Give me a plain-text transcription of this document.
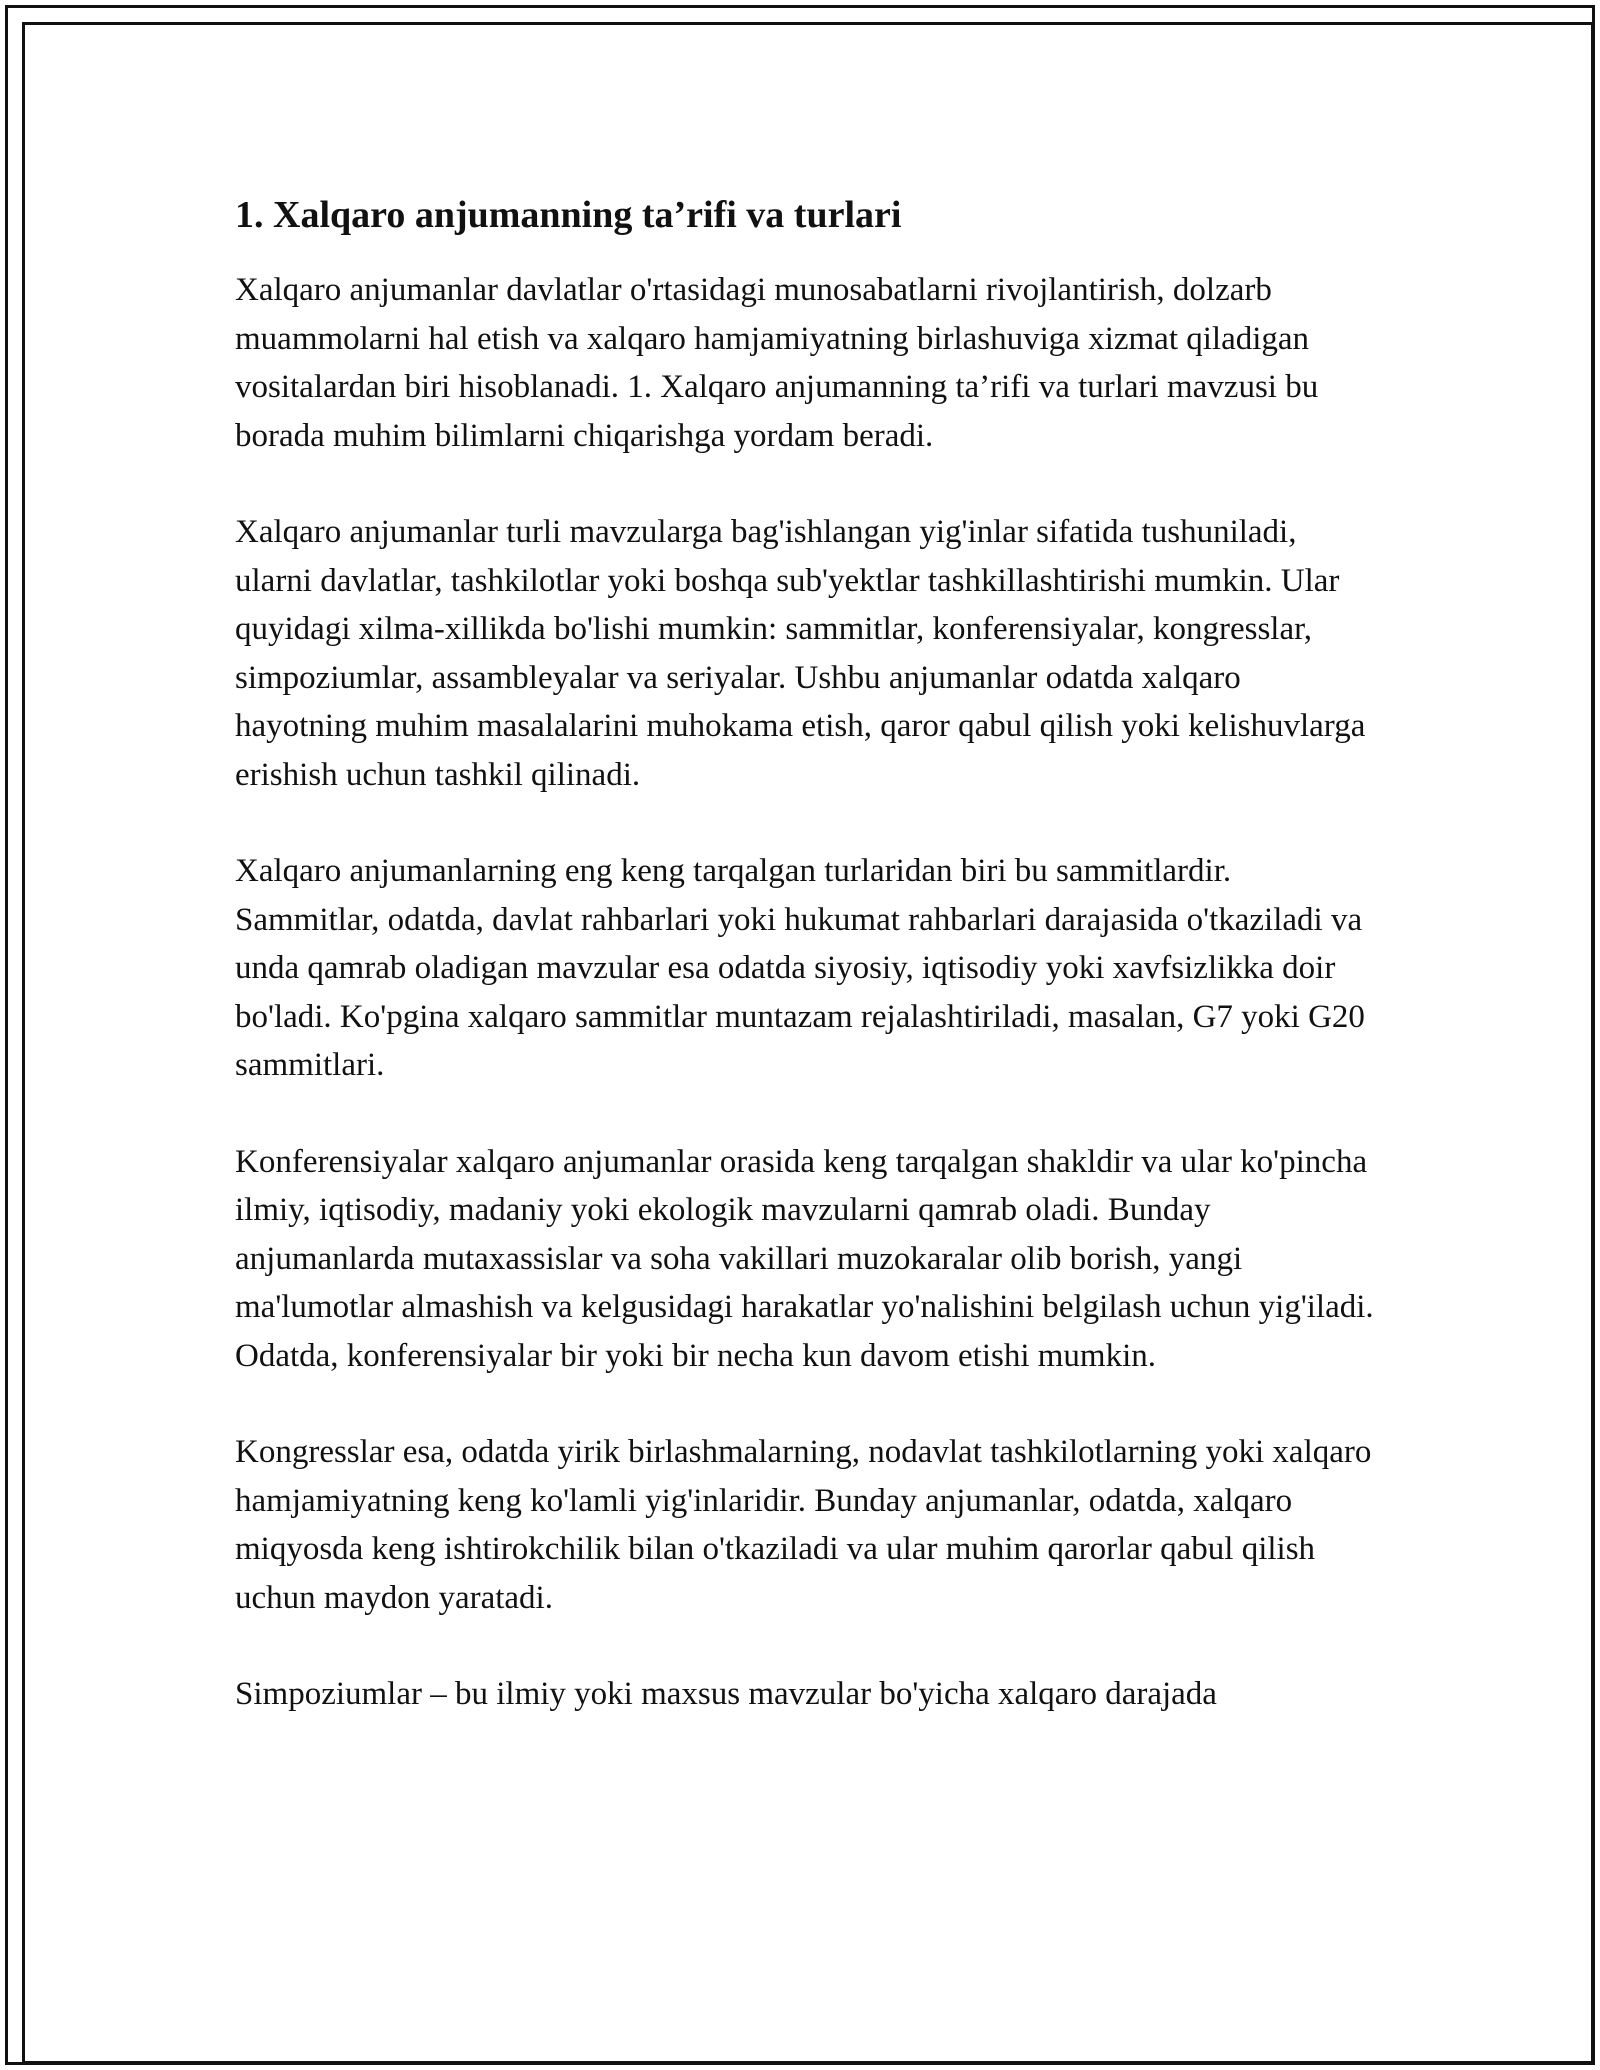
1. Xalqaro anjumanning ta’rifi va turlari

Xalqaro anjumanlar davlatlar o'rtasidagi munosabatlarni rivojlantirish, dolzarb muammolarni hal etish va xalqaro hamjamiyatning birlashuviga xizmat qiladigan vositalardan biri hisoblanadi. 1. Xalqaro anjumanning ta’rifi va turlari mavzusi bu borada muhim bilimlarni chiqarishga yordam beradi.

Xalqaro anjumanlar turli mavzularga bag'ishlangan yig'inlar sifatida tushuniladi, ularni davlatlar, tashkilotlar yoki boshqa sub'yektlar tashkillashtirishi mumkin. Ular quyidagi xilma-xillikda bo'lishi mumkin: sammitlar, konferensiyalar, kongresslar, simpoziumlar, assambleyalar va seriyalar. Ushbu anjumanlar odatda xalqaro hayotning muhim masalalarini muhokama etish, qaror qabul qilish yoki kelishuvlarga erishish uchun tashkil qilinadi.

Xalqaro anjumanlarning eng keng tarqalgan turlaridan biri bu sammitlardir. Sammitlar, odatda, davlat rahbarlari yoki hukumat rahbarlari darajasida o'tkaziladi va unda qamrab oladigan mavzular esa odatda siyosiy, iqtisodiy yoki xavfsizlikka doir bo'ladi. Ko'pgina xalqaro sammitlar muntazam rejalashtiriladi, masalan, G7 yoki G20 sammitlari.

Konferensiyalar xalqaro anjumanlar orasida keng tarqalgan shakldir va ular ko'pincha ilmiy, iqtisodiy, madaniy yoki ekologik mavzularni qamrab oladi. Bunday anjumanlarda mutaxassislar va soha vakillari muzokaralar olib borish, yangi ma'lumotlar almashish va kelgusidagi harakatlar yo'nalishini belgilash uchun yig'iladi. Odatda, konferensiyalar bir yoki bir necha kun davom etishi mumkin.

Kongresslar esa, odatda yirik birlashmalarning, nodavlat tashkilotlarning yoki xalqaro hamjamiyatning keng ko'lamli yig'inlaridir. Bunday anjumanlar, odatda, xalqaro miqyosda keng ishtirokchilik bilan o'tkaziladi va ular muhim qarorlar qabul qilish uchun maydon yaratadi.

Simpoziumlar – bu ilmiy yoki maxsus mavzular bo'yicha xalqaro darajada
